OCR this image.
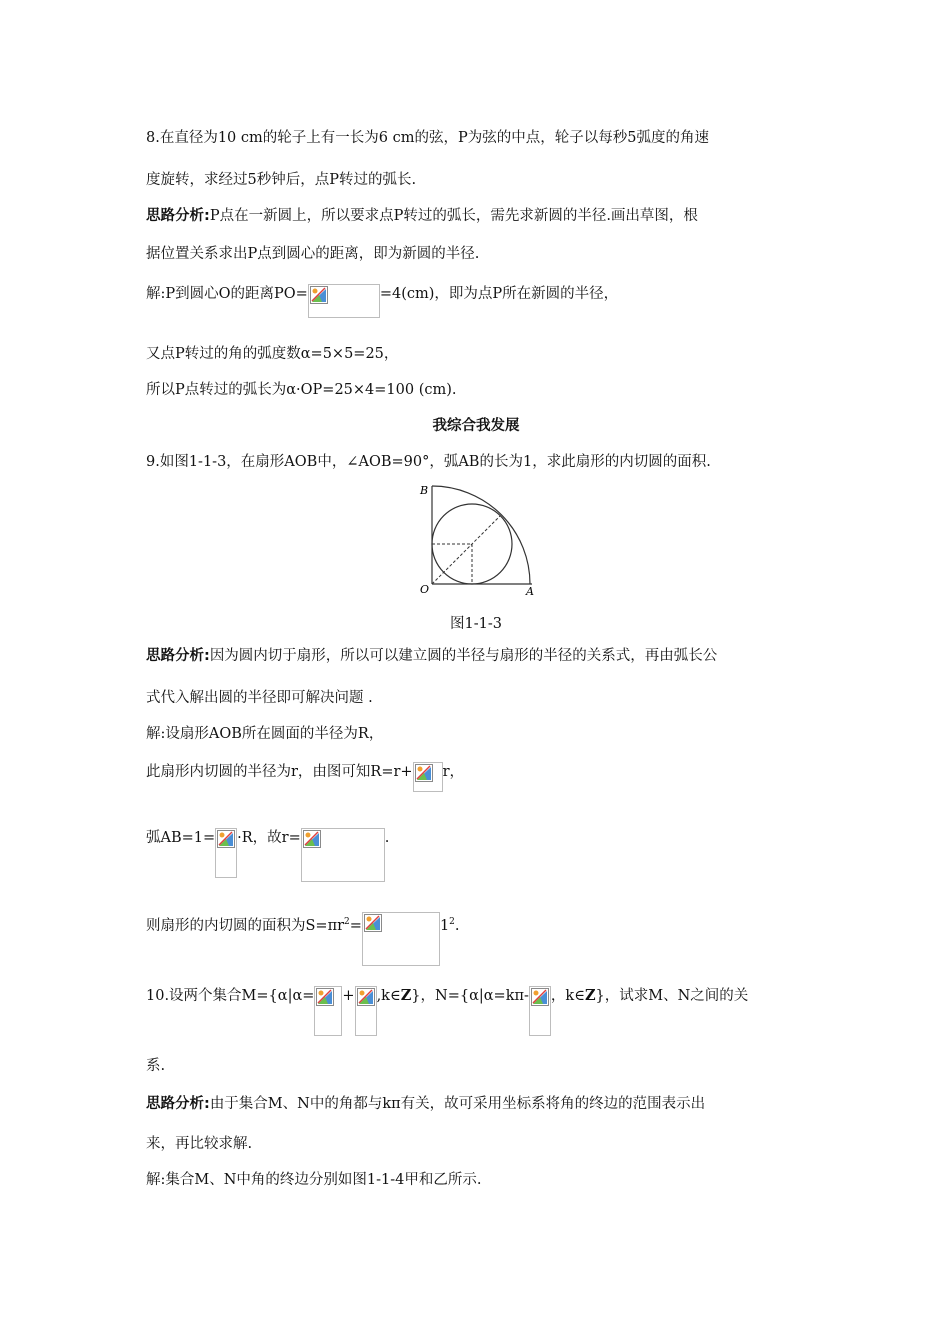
8.在直径为10 cm的轮子上有一长为6 cm的弦，P为弦的中点，轮子以每秒5弧度的角速
度旋转，求经过5秒钟后，点P转过的弧长.
思路分析:P点在一新圆上，所以要求点P转过的弧长，需先求新圆的半径.画出草图，根
据位置关系求出P点到圆心的距离，即为新圆的半径.
解:P到圆心O的距离PO=	=4(cm)，即为点P所在新圆的半径，
又点P转过的角的弧度数α=5×5=25，
所以P点转过的弧长为α·OP=25×4=100 (cm).
我综合我发展
9.如图1-1-3，在扇形AOB中，∠AOB=90°，弧AB的长为1，求此扇形的内切圆的面积.
B
O	A
图1-1-3
思路分析:因为圆内切于扇形，所以可以建立圆的半径与扇形的半径的关系式，再由弧长公
式代入解出圆的半径即可解决问题 .
解:设扇形AOB所在圆面的半径为R，
此扇形内切圆的半径为r，由图可知R=r+ r，
弧AB=1= ·R，故r=	.
则扇形的内切圆的面积为$S=\pi r^2=$	$1^2$.
10.设两个集合M={α|α= + ,k∈Z}，N={α|α=kπ- ，k∈Z}，试求M、N之间的关
系.
思路分析:由于集合M、N中的角都与kπ有关，故可采用坐标系将角的终边的范围表示出
来，再比较求解.
解:集合M、N中角的终边分别如图1-1-4甲和乙所示.
